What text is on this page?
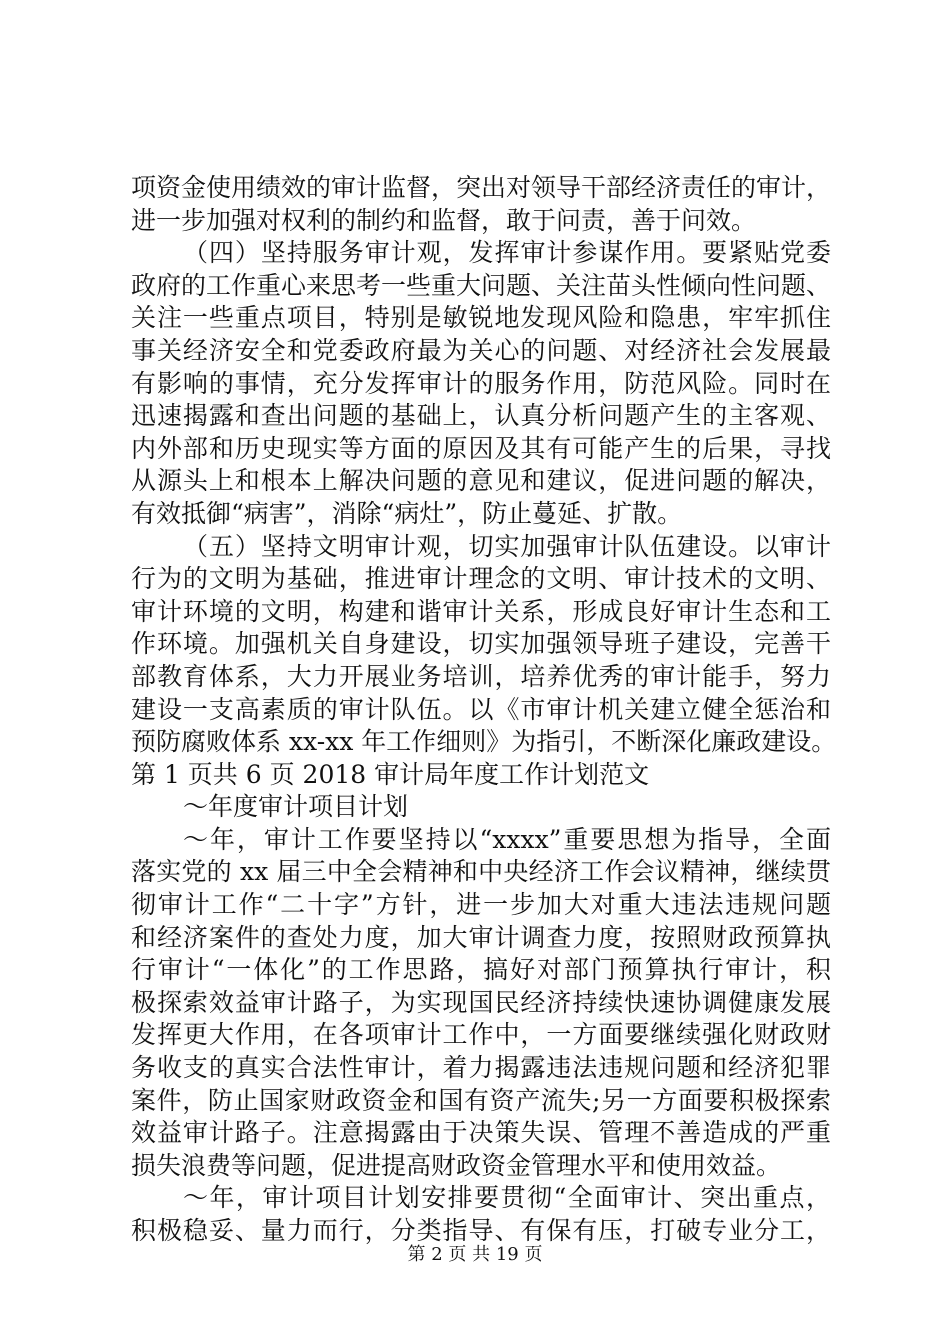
项资金使用绩效的审计监督，突出对领导干部经济责任的审计，
进一步加强对权利的制约和监督，敢于问责，善于问效。
（四）坚持服务审计观，发挥审计参谋作用。要紧贴党委
政府的工作重心来思考一些重大问题、关注苗头性倾向性问题、
关注一些重点项目，特别是敏锐地发现风险和隐患，牢牢抓住
事关经济安全和党委政府最为关心的问题、对经济社会发展最
有影响的事情，充分发挥审计的服务作用，防范风险。同时在
迅速揭露和查出问题的基础上，认真分析问题产生的主客观、
内外部和历史现实等方面的原因及其有可能产生的后果，寻找
从源头上和根本上解决问题的意见和建议，促进问题的解决，
有效抵御“病害”，消除“病灶”，防止蔓延、扩散。
（五）坚持文明审计观，切实加强审计队伍建设。以审计
行为的文明为基础，推进审计理念的文明、审计技术的文明、
审计环境的文明，构建和谐审计关系，形成良好审计生态和工
作环境。加强机关自身建设，切实加强领导班子建设，完善干
部教育体系，大力开展业务培训，培养优秀的审计能手，努力
建设一支高素质的审计队伍。以《市审计机关建立健全惩治和
预防腐败体系 xx-xx 年工作细则》为指引，不断深化廉政建设。
第 1 页共 6 页 2018 审计局年度工作计划范文
～年度审计项目计划
～年，审计工作要坚持以“xxxx”重要思想为指导，全面
落实党的 xx 届三中全会精神和中央经济工作会议精神，继续贯
彻审计工作“二十字”方针，进一步加大对重大违法违规问题
和经济案件的查处力度，加大审计调查力度，按照财政预算执
行审计“一体化”的工作思路，搞好对部门预算执行审计，积
极探索效益审计路子，为实现国民经济持续快速协调健康发展
发挥更大作用，在各项审计工作中，一方面要继续强化财政财
务收支的真实合法性审计，着力揭露违法违规问题和经济犯罪
案件，防止国家财政资金和国有资产流失;另一方面要积极探索
效益审计路子。注意揭露由于决策失误、管理不善造成的严重
损失浪费等问题，促进提高财政资金管理水平和使用效益。
～年，审计项目计划安排要贯彻“全面审计、突出重点，
积极稳妥、量力而行，分类指导、有保有压，打破专业分工，
第 2 页 共 19 页
